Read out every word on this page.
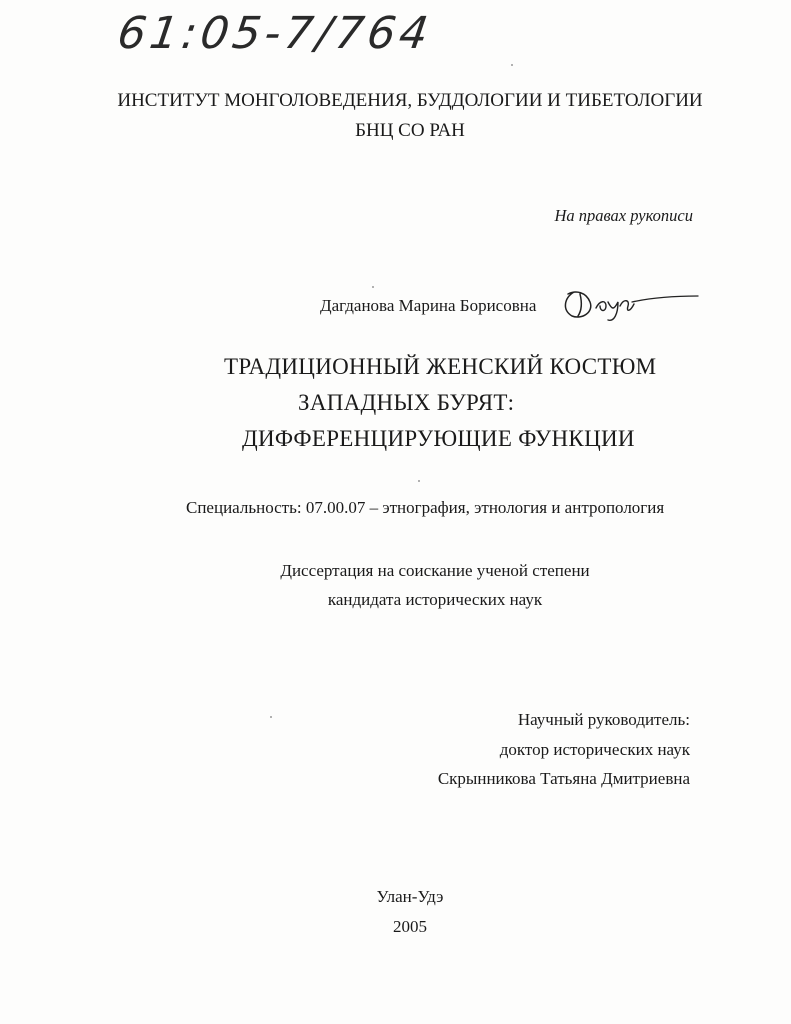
61:05-7/764
ИНСТИТУТ МОНГОЛОВЕДЕНИЯ, БУДДОЛОГИИ И ТИБЕТОЛОГИИ
БНЦ СО РАН
На правах рукописи
Дагданова Марина Борисовна
ТРАДИЦИОННЫЙ ЖЕНСКИЙ КОСТЮМ
ЗАПАДНЫХ БУРЯТ:
ДИФФЕРЕНЦИРУЮЩИЕ ФУНКЦИИ
Специальность: 07.00.07 – этнография, этнология и антропология
Диссертация на соискание ученой степени
кандидата исторических наук
Научный руководитель:
доктор исторических наук
Скрынникова Татьяна Дмитриевна
Улан-Удэ
2005
